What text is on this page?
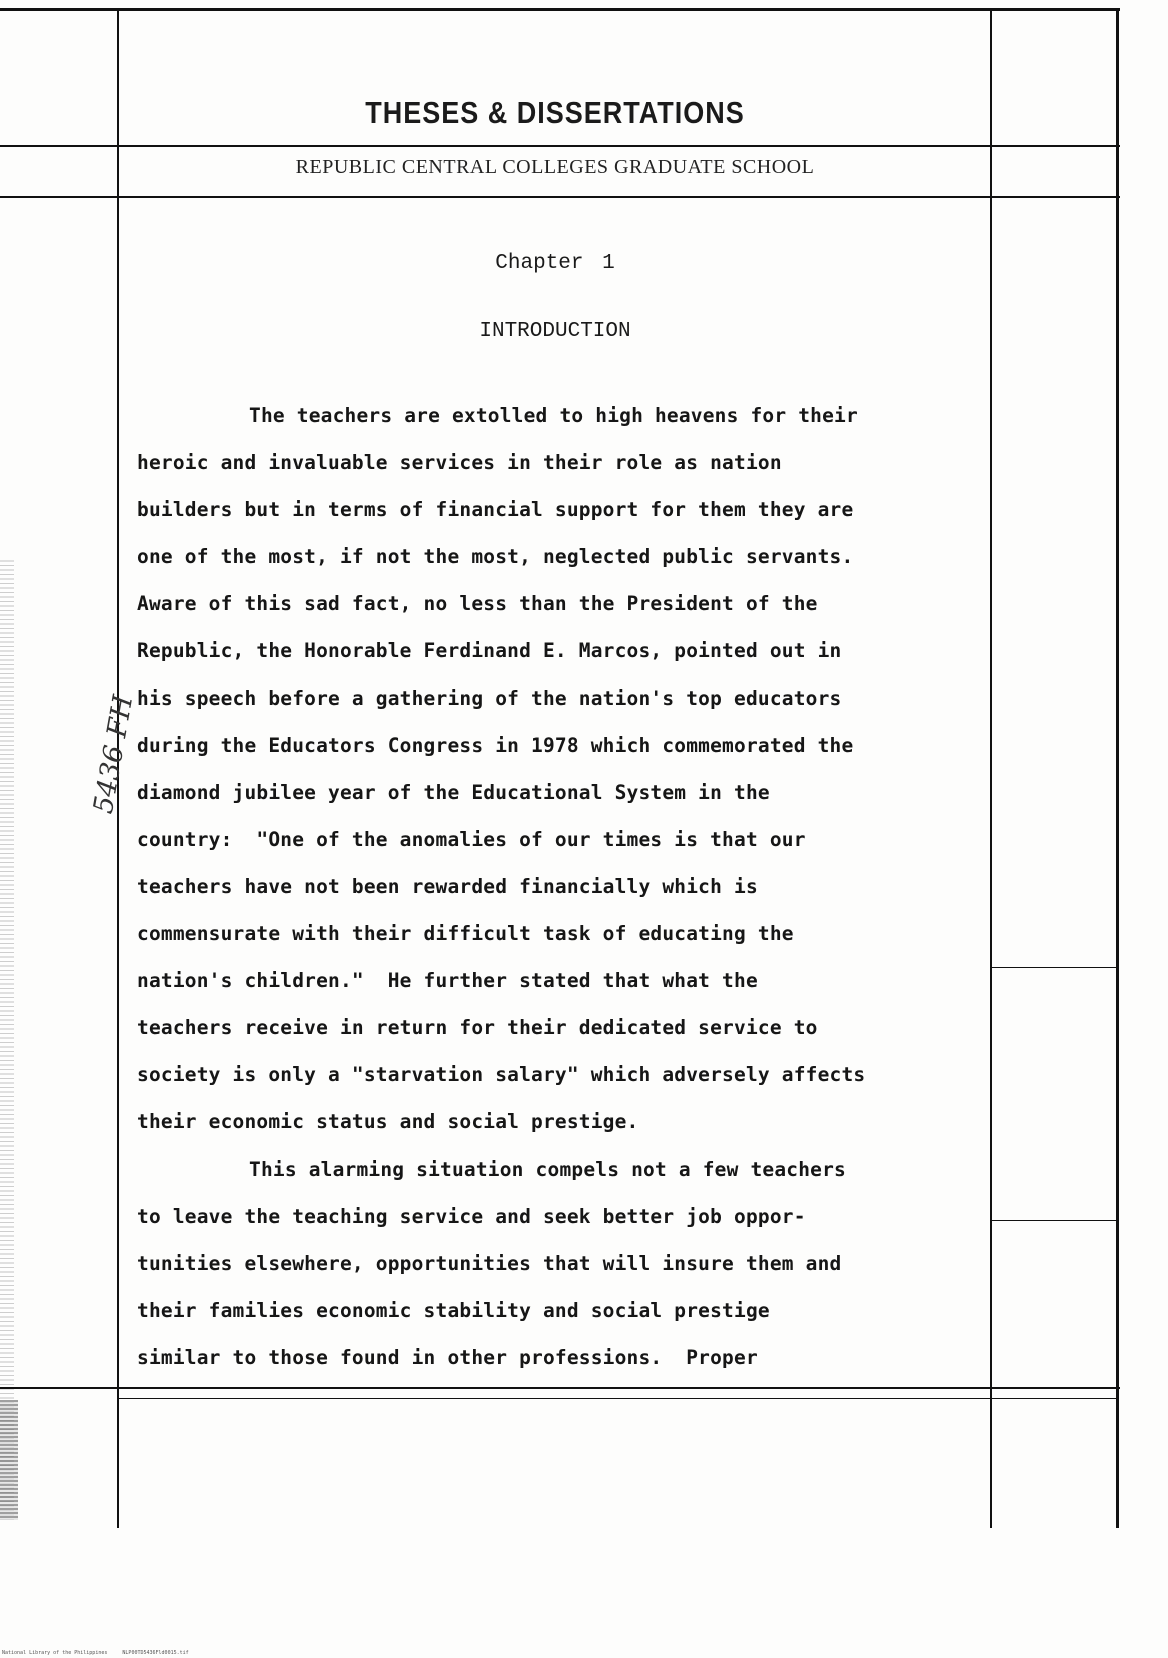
THESES & DISSERTATIONS
REPUBLIC CENTRAL COLLEGES GRADUATE SCHOOL
Chapter 1
INTRODUCTION
The teachers are extolled to high heavens for their
heroic and invaluable services in their role as nation
builders but in terms of financial support for them they are
one of the most, if not the most, neglected public servants.
Aware of this sad fact, no less than the President of the
Republic, the Honorable Ferdinand E. Marcos, pointed out in
his speech before a gathering of the nation's top educators
during the Educators Congress in 1978 which commemorated the
diamond jubilee year of the Educational System in the
country:  "One of the anomalies of our times is that our
teachers have not been rewarded financially which is
commensurate with their difficult task of educating the
nation's children."  He further stated that what the
teachers receive in return for their dedicated service to
society is only a "starvation salary" which adversely affects
their economic status and social prestige.
This alarming situation compels not a few teachers
to leave the teaching service and seek better job oppor-
tunities elsewhere, opportunities that will insure them and
their families economic stability and social prestige
similar to those found in other professions.  Proper
5436 FH
National Library of the Philippines     NLP00TD5436Fld0015.tif
